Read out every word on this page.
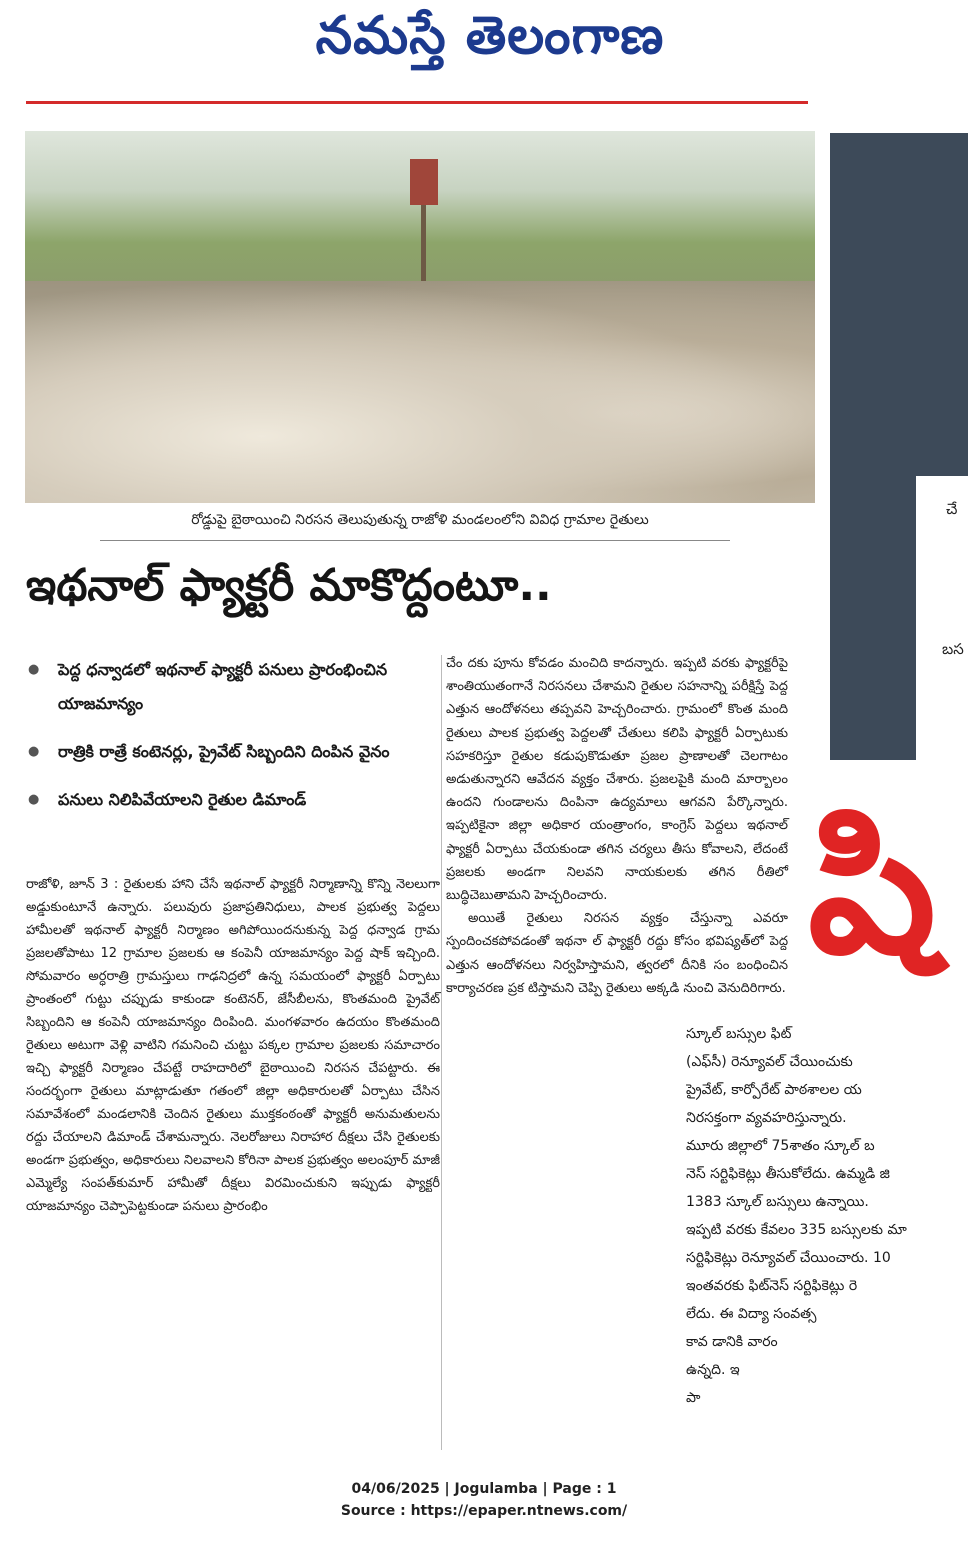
నమస్తే తెలంగాణ
రోడ్డుపై బైఠాయించి నిరసన తెలుపుతున్న రాజోళి మండలంలోని వివిధ గ్రామాల రైతులు
ఇథనాల్ ఫ్యాక్టరీ మాకొద్దంటూ..
● పెద్ద ధన్వాడలో ఇథనాల్ ఫ్యాక్టరీ పనులు ప్రారంభించిన యాజమాన్యం
● రాత్రికి రాత్రే కంటెనర్లు, ప్రైవేట్ సిబ్బందిని దింపిన వైనం
● పనులు నిలిపివేయాలని రైతుల డిమాండ్

రాజోళి, జూన్ 3 : రైతులకు హాని చేసే ఇథనాల్ ఫ్యాక్టరీ నిర్మాణాన్ని కొన్ని నెలలుగా అడ్డుకుంటూనే ఉన్నారు. పలువురు ప్రజాప్రతినిధులు, పాలక ప్రభుత్వ పెద్దలు హామీలతో ఇథనాల్ ఫ్యాక్టరీ నిర్మాణం అగిపోయిందనుకున్న పెద్ద ధన్వాడ గ్రామ ప్రజలతోపాటు 12 గ్రామాల ప్రజలకు ఆ కంపెనీ యాజమాన్యం పెద్ద షాక్ ఇచ్చింది. సోమవారం అర్ధరాత్రి గ్రామస్తులు గాఢనిద్రలో ఉన్న సమయంలో ఫ్యాక్టరీ ఏర్పాటు ప్రాంతంలో గుట్టు చప్పుడు కాకుండా కంటెనర్, జేసీబీలను, కొంతమంది ప్రైవేట్ సిబ్బందిని ఆ కంపెనీ యాజమాన్యం దింపింది. మంగళవారం ఉదయం కొంతమంది రైతులు అటుగా వెళ్లి వాటిని గమనించి చుట్టు పక్కల గ్రామాల ప్రజలకు సమాచారం ఇచ్చి ఫ్యాక్టరీ నిర్మాణం చేపట్టే రాహదారిలో బైఠాయించి నిరసన చేపట్టారు. ఈ సందర్భంగా రైతులు మాట్లాడుతూ గతంలో జిల్లా అధికారులతో ఏర్పాటు చేసిన సమావేశంలో మండలానికి చెందిన రైతులు ముక్తకంఠంతో ఫ్యాక్టరీ అనుమతులను రద్దు చేయాలని డిమాండ్ చేశామన్నారు. నెలరోజులు నిరాహార దీక్షలు చేసి రైతులకు అండగా ప్రభుత్వం, అధికారులు నిలవాలని కోరినా పాలక ప్రభుత్వం అలంపూర్ మాజీ ఎమ్మెల్యే సంపత్‌కుమార్ హామీతో దీక్షలు విరమించుకుని ఇప్పుడు ఫ్యాక్టరీ యాజమాన్యం చెప్పాపెట్టకుండా పనులు ప్రారంభిం

చేం దకు పూను కోవడం మంచిది కాదన్నారు. ఇప్పటి వరకు ఫ్యాక్టరీపై శాంతియుతంగానే నిరసనలు చేశామని రైతుల సహనాన్ని పరీక్షిస్తే పెద్ద ఎత్తున ఆందోళనలు తప్పవని హెచ్చరించారు. గ్రామంలో కొంత మంది రైతులు పాలక ప్రభుత్వ పెద్దలతో చేతులు కలిపి ఫ్యాక్టరీ ఏర్పాటుకు సహకరిస్తూ రైతుల కడుపుకొడుతూ ప్రజల ప్రాణాలతో చెలగాటం అడుతున్నారని ఆవేదన వ్యక్తం చేశారు. ప్రజలపైకి మంది మార్బాలం ఉందని గుండాలను దింపినా ఉద్యమాలు ఆగవని పేర్కొన్నారు. ఇప్పటికైనా జిల్లా అధికార యంత్రాంగం, కాంగ్రెస్ పెద్దలు ఇథనాల్ ఫ్యాక్టరీ ఏర్పాటు చేయకుండా తగిన చర్యలు తీసు కోవాలని, లేదంటే ప్రజలకు అండగా నిలవని నాయకులకు తగిన రీతిలో బుద్ధిచెబుతామని హెచ్చరించారు.

అయితే రైతులు నిరసన వ్యక్తం చేస్తున్నా ఎవరూ స్పందించకపోవడంతో ఇథనా ల్ ఫ్యాక్టరీ రద్దు కోసం భవిష్యత్‌లో పెద్ద ఎత్తున ఆందోళనలు నిర్వహిస్తామని, త్వరలో దీనికి సం బంధించిన కార్యాచరణ ప్రక టిస్తామని చెప్పి రైతులు అక్కడి నుంచి వెనుదిరిగారు.

చే
బస
షి
స్కూల్ బస్సుల ఫిట్
(ఎఫ్‌సీ) రెన్యూవల్ చేయించుకు
ప్రైవేట్, కార్పోరేట్ పాఠశాలల య
నిరసక్తంగా వ్యవహరిస్తున్నారు.
మూరు జిల్లాలో 75శాతం స్కూల్ బ
నెస్ సర్టిఫికెట్లు తీసుకోలేదు. ఉమ్మడి జి
1383 స్కూల్ బస్సులు ఉన్నాయి.
ఇప్పటి వరకు కేవలం 335 బస్సులకు మా
సర్టిఫికెట్లు రెన్యూవల్ చేయించారు. 10
ఇంతవరకు ఫిట్‌నెస్ సర్టిఫికెట్లు రె
లేదు. ఈ విద్యా సంవత్స
కావ డానికి వారం
ఉన్నది. ఇ
పా
04/06/2025 | Jogulamba | Page : 1
Source : https://epaper.ntnews.com/
